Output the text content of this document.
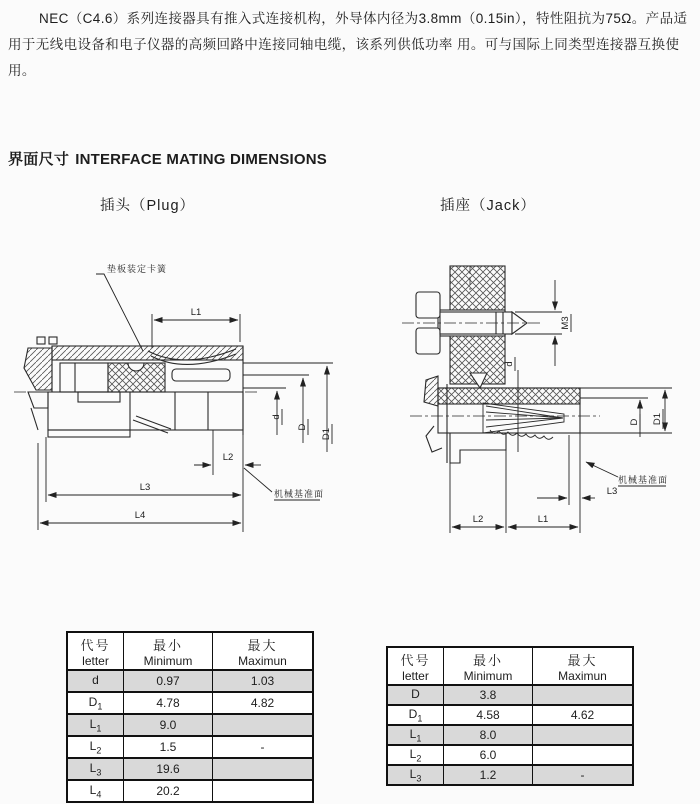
NEC（C4.6）系列连接器具有推入式连接机构，外导体内径为3.8mm（0.15in），特性阻抗为75Ω。产品适用于无线电设备和电子仪器的高频回路中连接同轴电缆，该系列供低功率 用。可与国际上同类型连接器互换使用。
界面尺寸 INTERFACE MATING DIMENSIONS
插头（Plug）	插座（Jack）
L1
L2
L3
L4
d
D
D1
垫板装定卡簧
机械基准面
M3
d
D D1
L3
L2	L1
机械基准面
代号
letter

最小
Minimum

最大
Maximun

d	0.97	1.03
$D_1$	4.78	4.82
$L_1$	9.0	
$L_2$	1.5	-
$L_3$	19.6	
$L_4$	20.2	
代号
letter

最小
Minimum

最大
Maximun

D	3.8	
$D_1$	4.58	4.62
$L_1$	8.0	
$L_2$	6.0	
$L_3$	1.2	-
